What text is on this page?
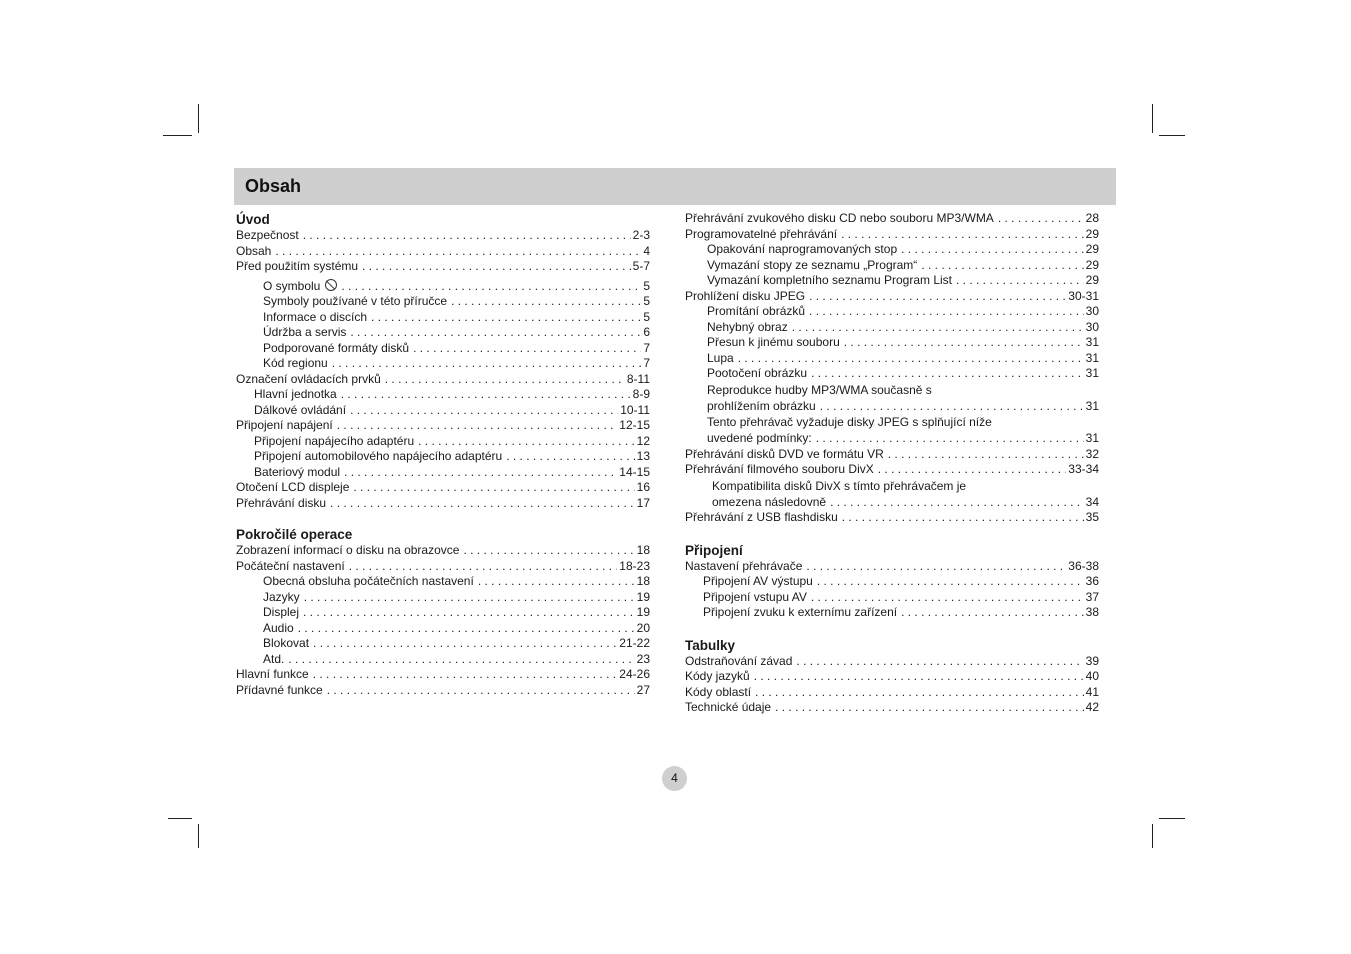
Obsah
Úvod
Bezpečnost . . .	2-3
Obsah . . .	4
Před použitím systému . . .	5-7
O symbolu . . .	5
Symboly používané v této příručce . . .	5
Informace o discích . . .	5
Údržba a servis . . .	6
Podporované formáty disků . . .	7
Kód regionu . . .	7
Označení ovládacích prvků . . .	8-11
Hlavní jednotka . . .	8-9
Dálkové ovládání . . .	10-11
Připojení napájení . . .	12-15
Připojení napájecího adaptéru . . .	12
Připojení automobilového napájecího adaptéru . . .	13
Bateriový modul . . .	14-15
Otočení LCD displeje . . .	16
Přehrávání disku . . .	17
Pokročilé operace
Zobrazení informací o disku na obrazovce . . .	18
Počáteční nastavení . . .	18-23
Obecná obsluha počátečních nastavení . . .	18
Jazyky . . .	19
Displej . . .	19
Audio . . .	20
Blokovat . . .	21-22
Atd. . . .	23
Hlavní funkce . . .	24-26
Přídavné funkce . . .	27
Přehrávání zvukového disku CD nebo souboru MP3/WMA . . .	28
Programovatelné přehrávání . . .	29
Opakování naprogramovaných stop . . .	29
Vymazání stopy ze seznamu „Program“ . . .	29
Vymazání kompletního seznamu Program List . . .	29
Prohlížení disku JPEG . . .	30-31
Promítání obrázků . . .	30
Nehybný obraz . . .	30
Přesun k jinému souboru . . .	31
Lupa . . .	31
Pootočení obrázku . . .	31
Reprodukce hudby MP3/WMA současně s
prohlížením obrázku . . .	31
Tento přehrávač vyžaduje disky JPEG s splňující níže
uvedené podmínky: . . .	31
Přehrávání disků DVD ve formátu VR . . .	32
Přehrávání filmového souboru DivX . . .	33-34
Kompatibilita disků DivX s tímto přehrávačem je
omezena následovně . . .	34
Přehrávání z USB flashdisku . . .	35
Připojení
Nastavení přehrávače . . .	36-38
Připojení AV výstupu . . .	36
Připojení vstupu AV . . .	37
Připojení zvuku k externímu zařízení . . .	38
Tabulky
Odstraňování závad . . .	39
Kódy jazyků . . .	40
Kódy oblastí . . .	41
Technické údaje . . .	42
4
